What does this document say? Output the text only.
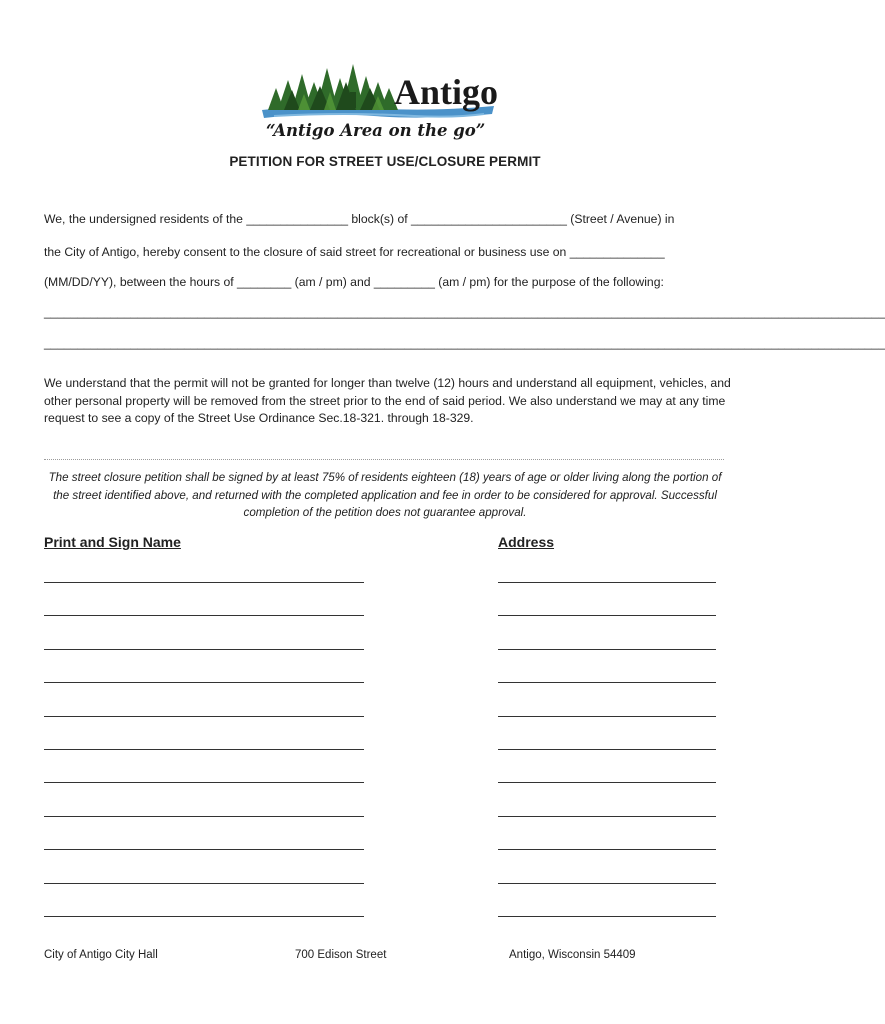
Antigo
“Antigo Area on the go”
PETITION FOR STREET USE/CLOSURE PERMIT
We, the undersigned residents of the _______________ block(s) of _______________________ (Street / Avenue) in
the City of Antigo, hereby consent to the closure of said street for recreational or business use on ______________
(MM/DD/YY), between the hours of ________ (am / pm) and _________ (am / pm) for the purpose of the following:
______________________________________________________________________________________________________________________________
______________________________________________________________________________________________________________________________
We understand that the permit will not be granted for longer than twelve (12) hours and understand all equipment, vehicles, and other personal property will be removed from the street prior to the end of said period. We also understand we may at any time request to see a copy of the Street Use Ordinance Sec.18-321. through 18-329.
The street closure petition shall be signed by at least 75% of residents eighteen (18) years of age or older living along the portion of the street identified above, and returned with the completed application and fee in order to be considered for approval. Successful completion of the petition does not guarantee approval.
Print and Sign Name	Address
City of Antigo City Hall	700 Edison Street	Antigo, Wisconsin 54409
